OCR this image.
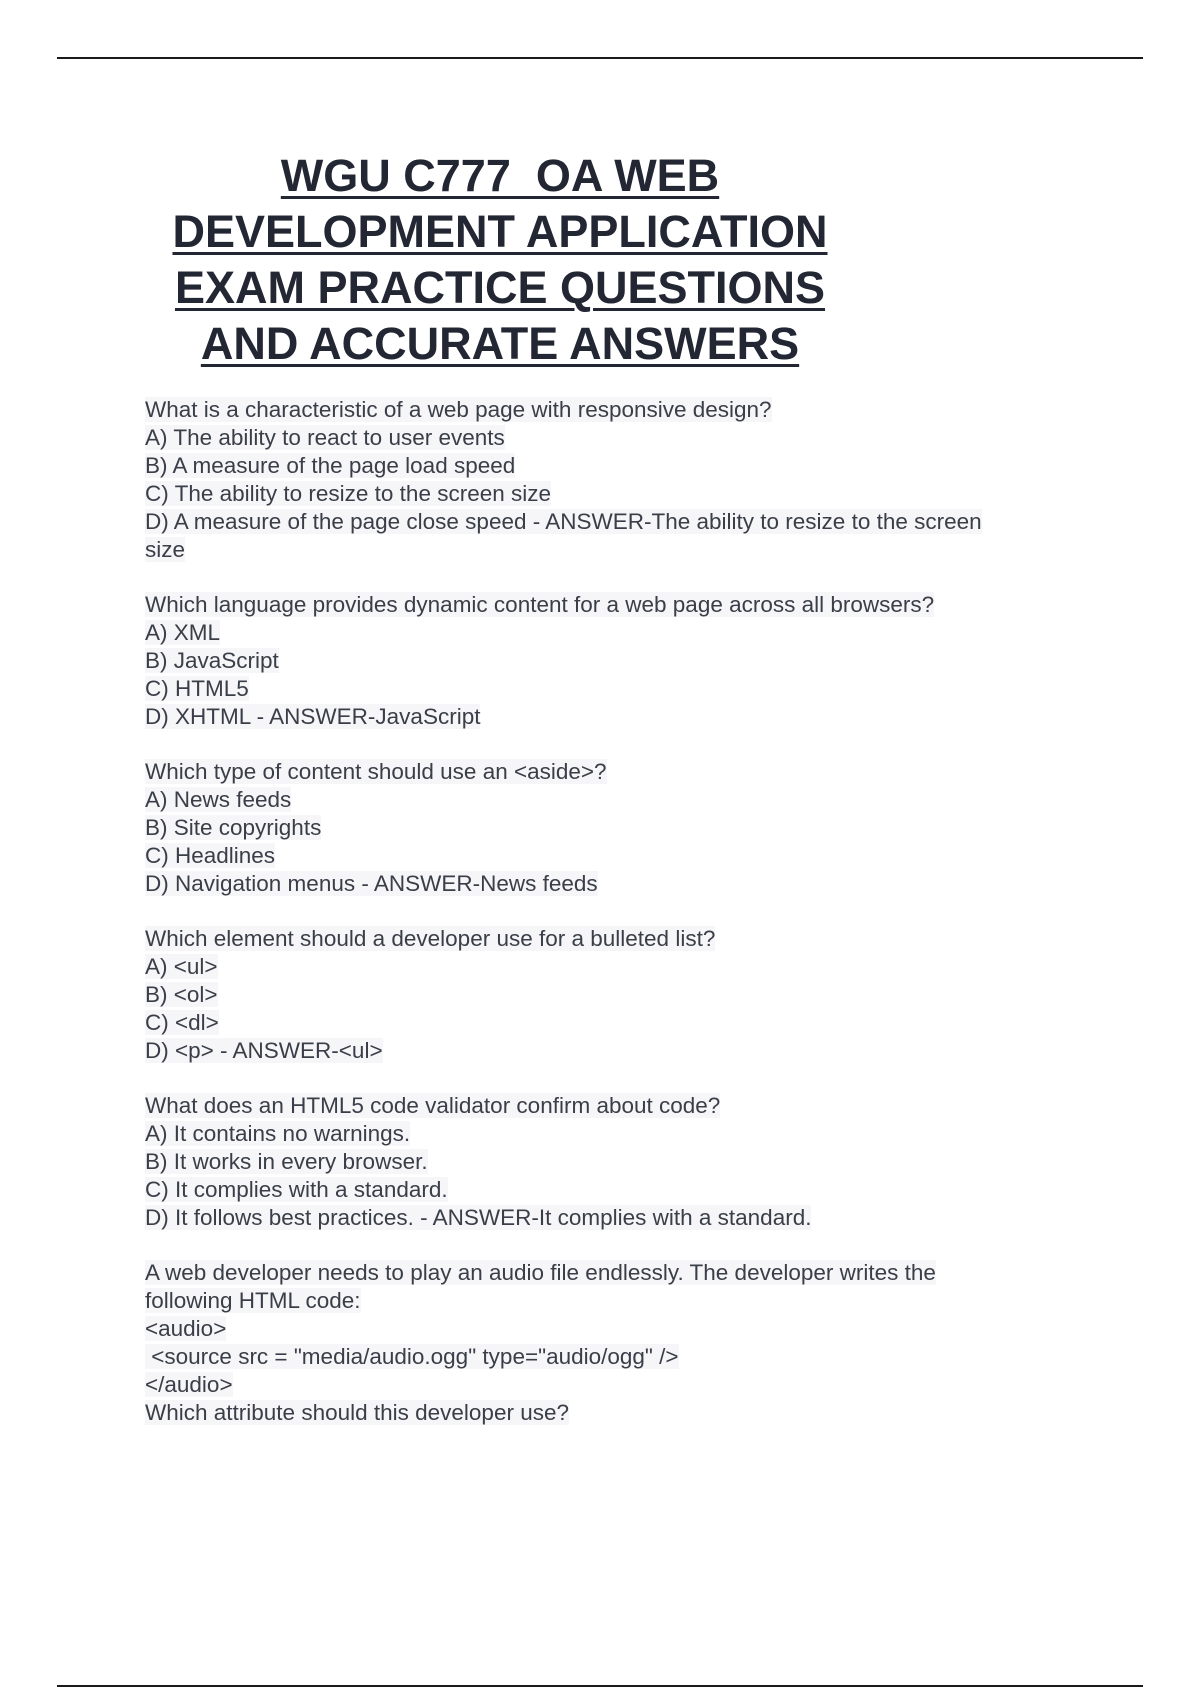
WGU C777  OA WEB
DEVELOPMENT APPLICATION
EXAM PRACTICE QUESTIONS
AND ACCURATE ANSWERS
What is a characteristic of a web page with responsive design?
A) The ability to react to user events
B) A measure of the page load speed
C) The ability to resize to the screen size
D) A measure of the page close speed - ANSWER-The ability to resize to the screen
size
Which language provides dynamic content for a web page across all browsers?
A) XML
B) JavaScript
C) HTML5
D) XHTML - ANSWER-JavaScript
Which type of content should use an <aside>?
A) News feeds
B) Site copyrights
C) Headlines
D) Navigation menus - ANSWER-News feeds
Which element should a developer use for a bulleted list?
A) <ul>
B) <ol>
C) <dl>
D) <p> - ANSWER-<ul>
What does an HTML5 code validator confirm about code?
A) It contains no warnings.
B) It works in every browser.
C) It complies with a standard.
D) It follows best practices. - ANSWER-It complies with a standard.
A web developer needs to play an audio file endlessly. The developer writes the
following HTML code:
<audio>
<source src = "media/audio.ogg" type="audio/ogg" />
</audio>
Which attribute should this developer use?
